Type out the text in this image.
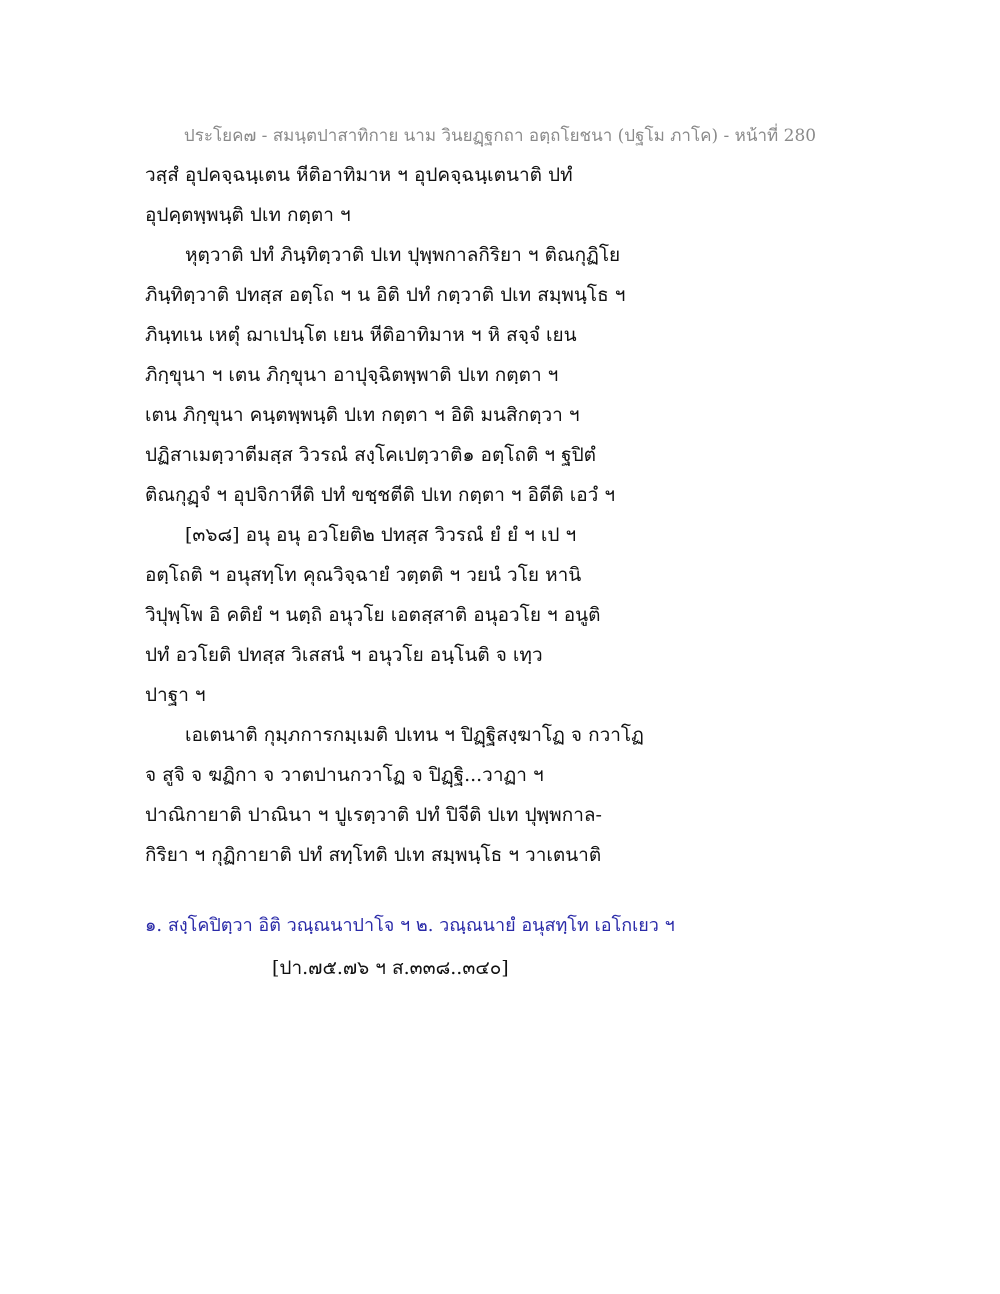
ประโยค๗ - สมนฺตปาสาทิกาย นาม วินยฏฺฐกถา อตฺถโยชนา (ปฐโม ภาโค) - หน้าที่ 280
วสฺสํ อุปคจฺฉนฺเตน หีติอาทิมาห ฯ อุปคจฺฉนฺเตนาติ ปทํ
อุปคฺตพฺพนฺติ ปเท กตฺตา ฯ
หุตฺวาติ ปทํ ภินฺทิตฺวาติ ปเท ปุพฺพกาลกิริยา ฯ ติณกุฏิโย
ภินฺทิตฺวาติ ปทสฺส อตฺโถ ฯ น อิติ ปทํ กตฺวาติ ปเท สมฺพนฺโธ ฯ
ภินฺทเน เหตุํ ฌาเปนฺโต เยน หีติอาทิมาห ฯ หิ สจฺจํ เยน
ภิกฺขุนา ฯ เตน ภิกฺขุนา อาปุจฺฉิตพฺพาติ ปเท กตฺตา ฯ
เตน ภิกฺขุนา คนฺตพฺพนฺติ ปเท กตฺตา ฯ อิติ มนสิกตฺวา ฯ
ปฏิสาเมตฺวาตีมสฺส วิวรณํ สงฺโคเปตฺวาติ๑ อตฺโถติ ฯ ฐปิตํ
ติณกุฏฺจํ ฯ อุปจิกาหีติ ปทํ ขชฺชตีติ ปเท กตฺตา ฯ อิตีติ เอวํ ฯ
[๓๖๘] อนุ อนุ อวโยติ๒ ปทสฺส วิวรณํ ยํ ยํ ฯ เป ฯ
อตฺโถติ ฯ อนุสทฺโท คุณวิจฺฉายํ วตฺตติ ฯ วยนํ วโย หานิ
วิปุพฺโพ อิ คติยํ ฯ นตฺถิ อนุวโย เอตสฺสาติ อนุอวโย ฯ อนูติ
ปทํ อวโยติ ปทสฺส วิเสสนํ ฯ อนุวโย อนฺโนติ จ เทฺว
ปาฐา ฯ
เอเตนาติ กุมฺภการกมฺเมติ ปเทน ฯ ปิฏฺฐิสงฺฆาโฏ จ กวาโฏ
จ สูจิ จ ฆฏิกา จ วาตปานกวาโฏ จ ปิฏฺฐิ...วาฏา ฯ
ปาณิกายาติ ปาณินา ฯ ปูเรตฺวาติ ปทํ ปิจีติ ปเท ปุพฺพกาล-
กิริยา ฯ กุฏิกายาติ ปทํ สทฺโทติ ปเท สมฺพนฺโธ ฯ วาเตนาติ
๑. สงฺโคปิตฺวา อิติ วณฺณนาปาโจ ฯ ๒. วณฺณนายํ อนุสทฺโท เอโกเยว ฯ
[ปา.๗๕.๗๖ ฯ ส.๓๓๘..๓๔๐]
